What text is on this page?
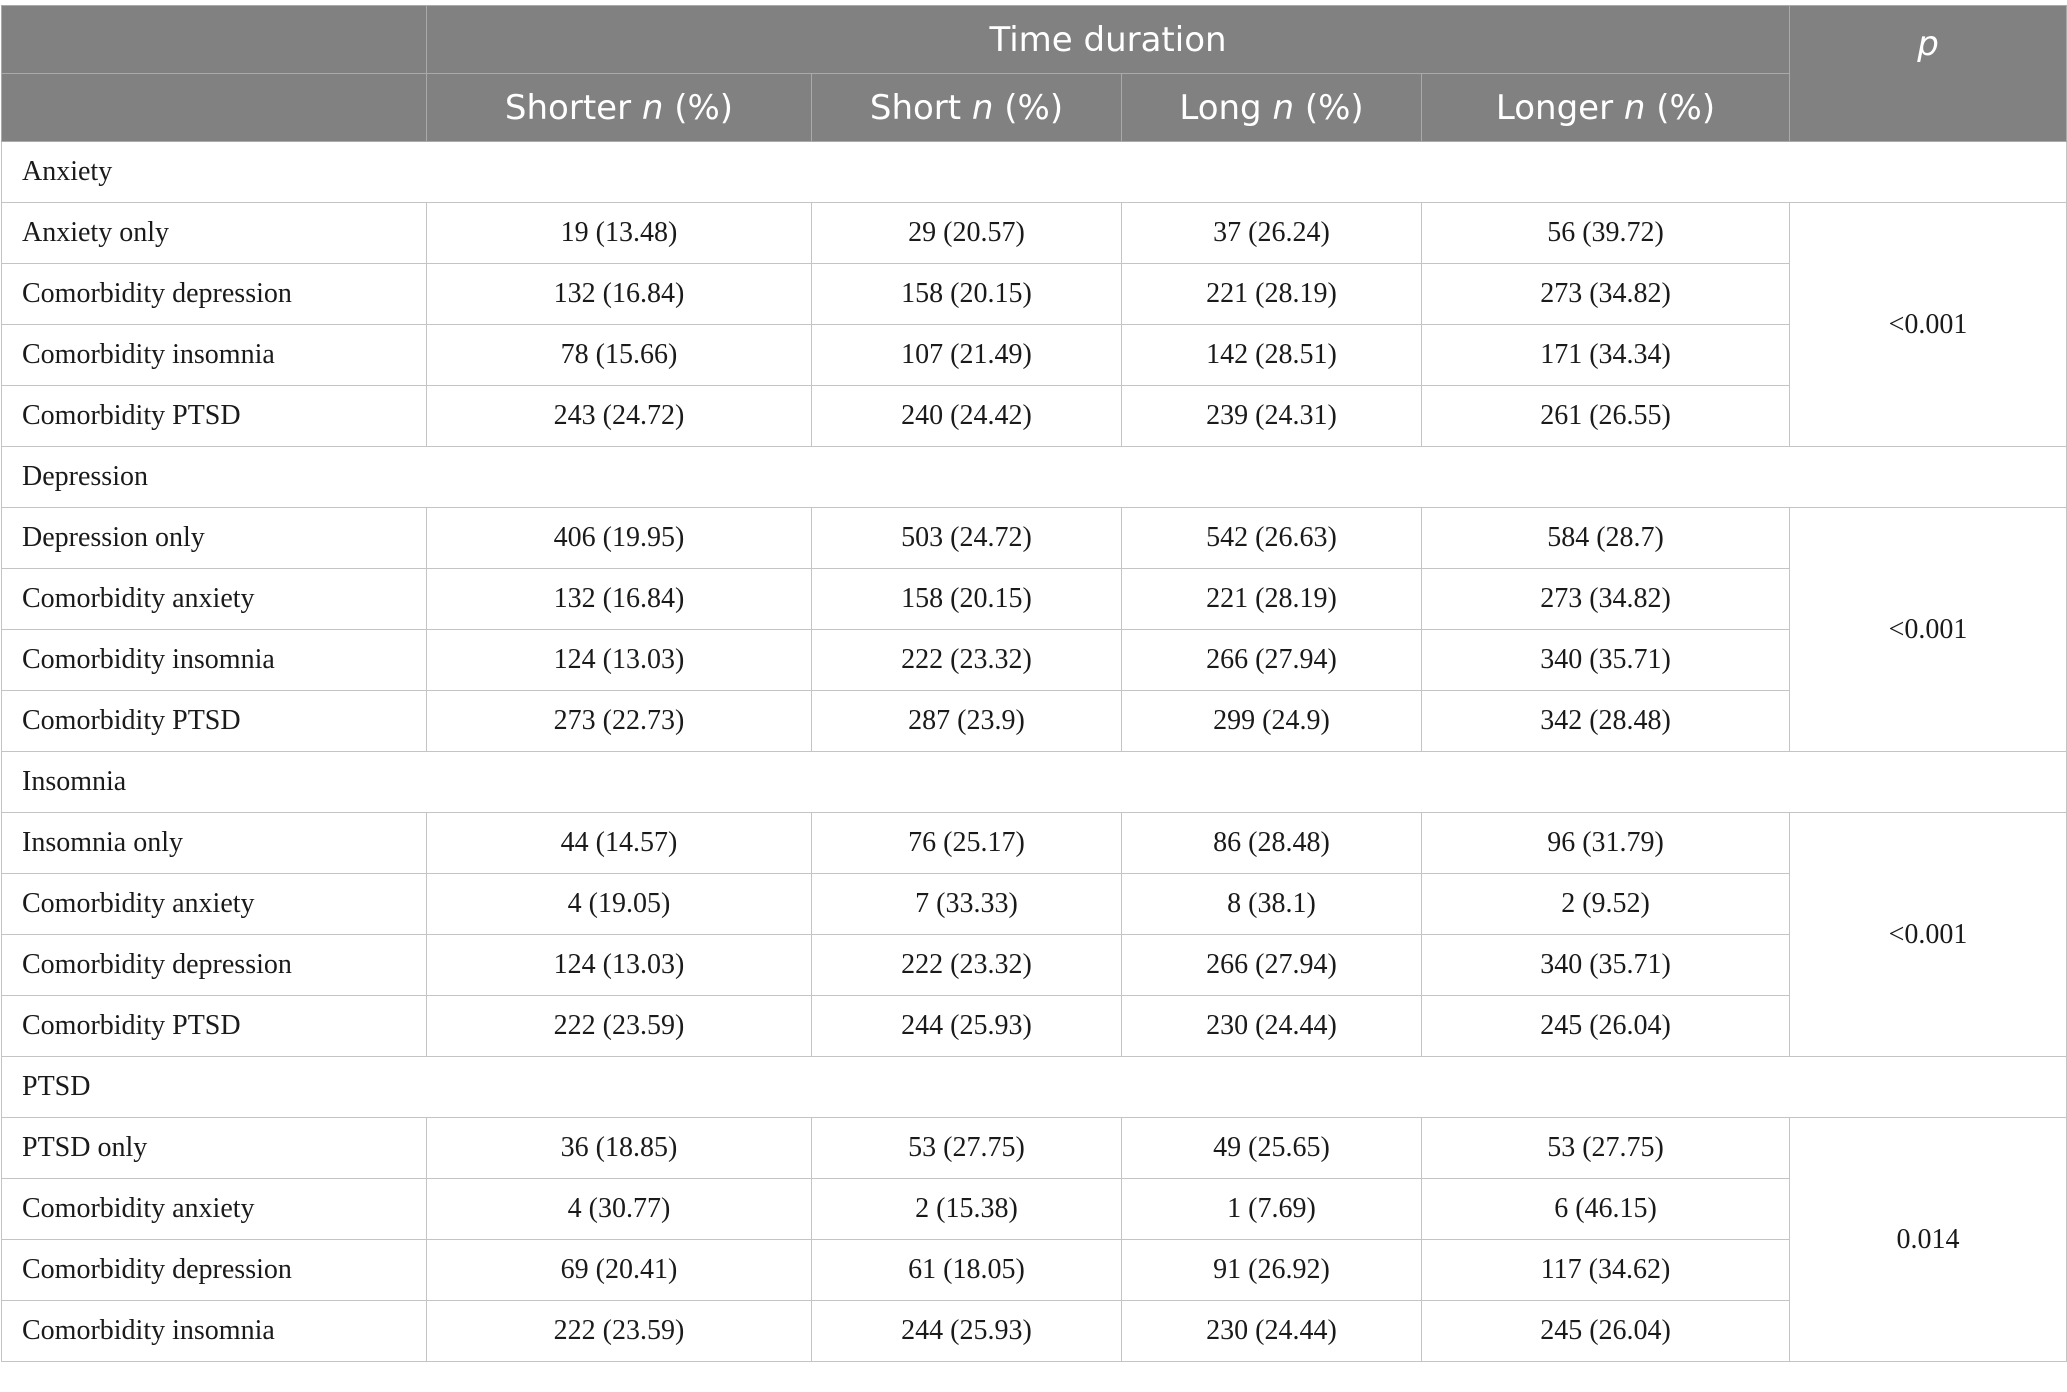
	Time duration				p
	Shorter n (%)	Short n (%)	Long n (%)	Longer n (%)	
Anxiety					
Anxiety only	19 (13.48)	29 (20.57)	37 (26.24)	56 (39.72)	<0.001
Comorbidity depression	132 (16.84)	158 (20.15)	221 (28.19)	273 (34.82)	
Comorbidity insomnia	78 (15.66)	107 (21.49)	142 (28.51)	171 (34.34)	
Comorbidity PTSD	243 (24.72)	240 (24.42)	239 (24.31)	261 (26.55)	
Depression					
Depression only	406 (19.95)	503 (24.72)	542 (26.63)	584 (28.7)	<0.001
Comorbidity anxiety	132 (16.84)	158 (20.15)	221 (28.19)	273 (34.82)	
Comorbidity insomnia	124 (13.03)	222 (23.32)	266 (27.94)	340 (35.71)	
Comorbidity PTSD	273 (22.73)	287 (23.9)	299 (24.9)	342 (28.48)	
Insomnia					
Insomnia only	44 (14.57)	76 (25.17)	86 (28.48)	96 (31.79)	<0.001
Comorbidity anxiety	4 (19.05)	7 (33.33)	8 (38.1)	2 (9.52)	
Comorbidity depression	124 (13.03)	222 (23.32)	266 (27.94)	340 (35.71)	
Comorbidity PTSD	222 (23.59)	244 (25.93)	230 (24.44)	245 (26.04)	
PTSD					
PTSD only	36 (18.85)	53 (27.75)	49 (25.65)	53 (27.75)	0.014
Comorbidity anxiety	4 (30.77)	2 (15.38)	1 (7.69)	6 (46.15)	
Comorbidity depression	69 (20.41)	61 (18.05)	91 (26.92)	117 (34.62)	
Comorbidity insomnia	222 (23.59)	244 (25.93)	230 (24.44)	245 (26.04)	
